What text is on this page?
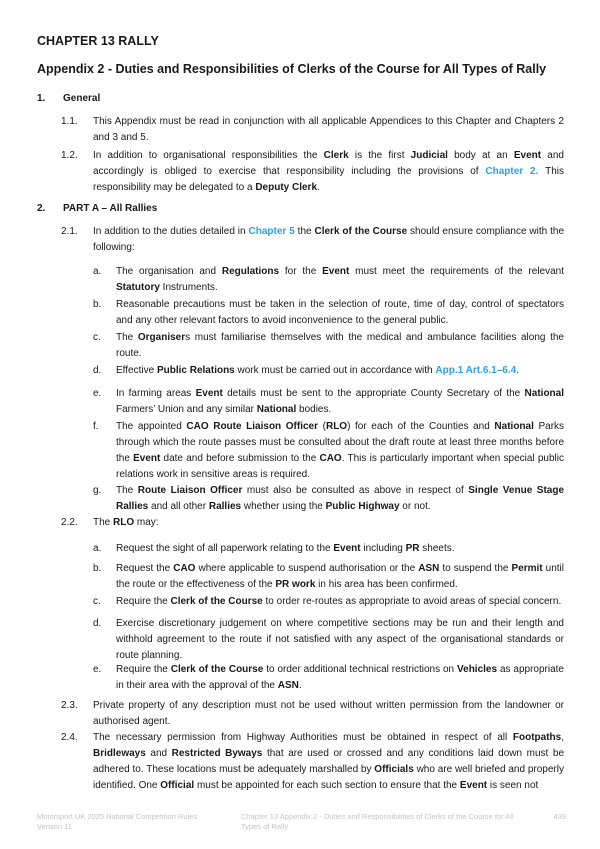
CHAPTER 13 RALLY
Appendix 2 - Duties and Responsibilities of Clerks of the Course for All Types of Rally
1. General
1.1. This Appendix must be read in conjunction with all applicable Appendices to this Chapter and Chapters 2 and 3 and 5.
1.2. In addition to organisational responsibilities the Clerk is the first Judicial body at an Event and accordingly is obliged to exercise that responsibility including the provisions of Chapter 2. This responsibility may be delegated to a Deputy Clerk.
2. PART A – All Rallies
2.1. In addition to the duties detailed in Chapter 5 the Clerk of the Course should ensure compliance with the following:
a. The organisation and Regulations for the Event must meet the requirements of the relevant Statutory Instruments.
b. Reasonable precautions must be taken in the selection of route, time of day, control of spectators and any other relevant factors to avoid inconvenience to the general public.
c. The Organisers must familiarise themselves with the medical and ambulance facilities along the route.
d. Effective Public Relations work must be carried out in accordance with App.1 Art.6.1–6.4.
e. In farming areas Event details must be sent to the appropriate County Secretary of the National Farmers’ Union and any similar National bodies.
f. The appointed CAO Route Liaison Officer (RLO) for each of the Counties and National Parks through which the route passes must be consulted about the draft route at least three months before the Event date and before submission to the CAO. This is particularly important when special public relations work in sensitive areas is required.
g. The Route Liaison Officer must also be consulted as above in respect of Single Venue Stage Rallies and all other Rallies whether using the Public Highway or not.
2.2. The RLO may:
a. Request the sight of all paperwork relating to the Event including PR sheets.
b. Request the CAO where applicable to suspend authorisation or the ASN to suspend the Permit until the route or the effectiveness of the PR work in his area has been confirmed.
c. Require the Clerk of the Course to order re-routes as appropriate to avoid areas of special concern.
d. Exercise discretionary judgement on where competitive sections may be run and their length and withhold agreement to the route if not satisfied with any aspect of the organisational standards or route planning.
e. Require the Clerk of the Course to order additional technical restrictions on Vehicles as appropriate in their area with the approval of the ASN.
2.3. Private property of any description must not be used without written permission from the landowner or authorised agent.
2.4. The necessary permission from Highway Authorities must be obtained in respect of all Footpaths, Bridleways and Restricted Byways that are used or crossed and any conditions laid down must be adhered to. These locations must be adequately marshalled by Officials who are well briefed and properly identified. One Official must be appointed for each such section to ensure that the Event is seen not
Motorsport UK 2025 National Competition Rules Version 11
Chapter 13 Appendix 2 - Duties and Responsibilities of Clerks of the Course for All Types of Rally
439
